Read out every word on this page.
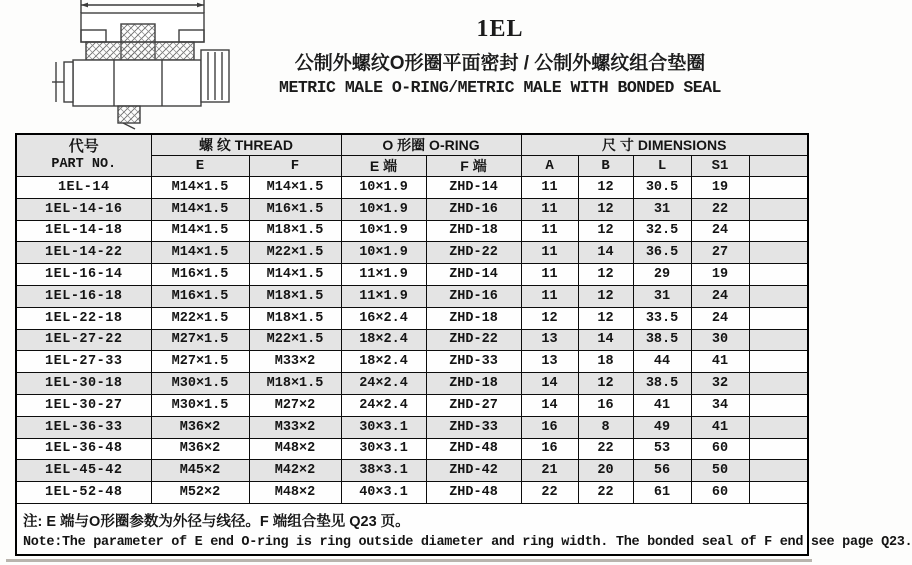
1EL
公制外螺纹O形圈平面密封 / 公制外螺纹组合垫圈
METRIC MALE O-RING/METRIC MALE WITH BONDED SEAL
代号
PART NO.	螺 纹 THREAD		O 形圈 O-RING		尺 寸 DIMENSIONS				
	E	F	E 端	F 端	A	B	L	S1	
1EL-14	M14×1.5	M14×1.5	10×1.9	ZHD-14	11	12	30.5	19	
1EL-14-16	M14×1.5	M16×1.5	10×1.9	ZHD-16	11	12	31	22	
1EL-14-18	M14×1.5	M18×1.5	10×1.9	ZHD-18	11	12	32.5	24	
1EL-14-22	M14×1.5	M22×1.5	10×1.9	ZHD-22	11	14	36.5	27	
1EL-16-14	M16×1.5	M14×1.5	11×1.9	ZHD-14	11	12	29	19	
1EL-16-18	M16×1.5	M18×1.5	11×1.9	ZHD-16	11	12	31	24	
1EL-22-18	M22×1.5	M18×1.5	16×2.4	ZHD-18	12	12	33.5	24	
1EL-27-22	M27×1.5	M22×1.5	18×2.4	ZHD-22	13	14	38.5	30	
1EL-27-33	M27×1.5	M33×2	18×2.4	ZHD-33	13	18	44	41	
1EL-30-18	M30×1.5	M18×1.5	24×2.4	ZHD-18	14	12	38.5	32	
1EL-30-27	M30×1.5	M27×2	24×2.4	ZHD-27	14	16	41	34	
1EL-36-33	M36×2	M33×2	30×3.1	ZHD-33	16	8	49	41	
1EL-36-48	M36×2	M48×2	30×3.1	ZHD-48	16	22	53	60	
1EL-45-42	M45×2	M42×2	38×3.1	ZHD-42	21	20	56	50	
1EL-52-48	M52×2	M48×2	40×3.1	ZHD-48	22	22	61	60	

注: E 端与O形圈参数为外径与线径。F 端组合垫见 Q23 页。
Note:The parameter of E end O-ring is ring outside diameter and ring width. The bonded seal of F end see page Q23.									
